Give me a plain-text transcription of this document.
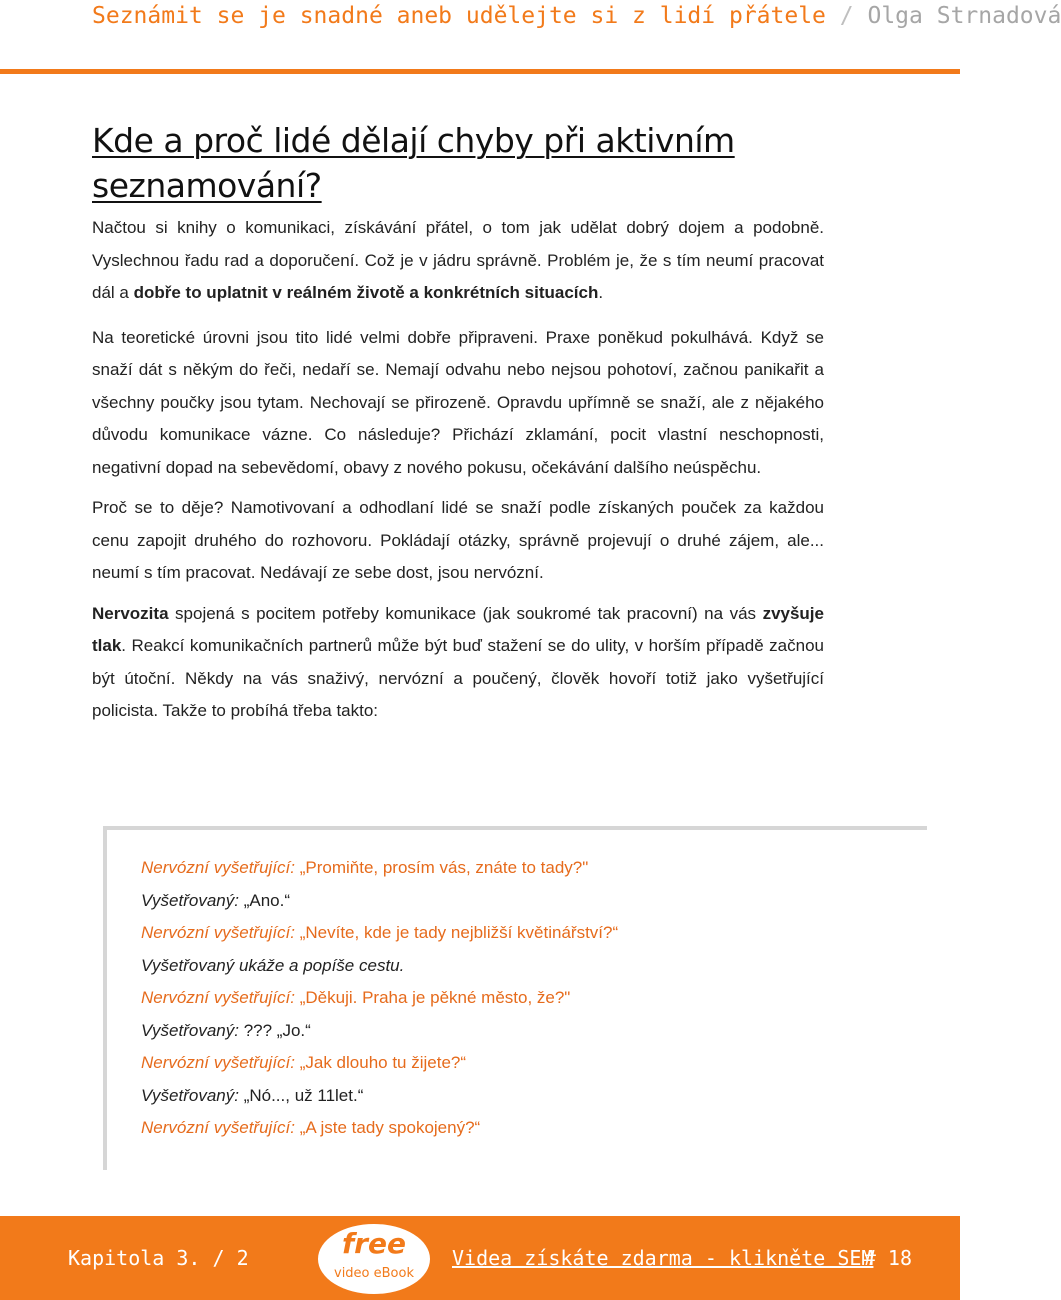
Seznámit se je snadné aneb udělejte si z lidí přátele / Olga Strnadová
Kde a proč lidé dělají chyby při aktivním seznamování?

Načtou si knihy o komunikaci, získávání přátel, o tom jak udělat dobrý dojem a podobně. Vyslechnou řadu rad a doporučení. Což je v jádru správně. Problém je, že s tím neumí pracovat dál a dobře to uplatnit v reálném životě a konkrétních situacích.

Na teoretické úrovni jsou tito lidé velmi dobře připraveni. Praxe poněkud pokulhává. Když se snaží dát s někým do řeči, nedaří se. Nemají odvahu nebo nejsou pohotoví, začnou panikařit a všechny poučky jsou tytam. Nechovají se přirozeně. Opravdu upřímně se snaží, ale z nějakého důvodu komunikace vázne. Co následuje? Přichází zklamání, pocit vlastní neschopnosti, negativní dopad na sebevědomí, obavy z nového pokusu, očekávání dalšího neúspěchu.

Proč se to děje? Namotivovaní a odhodlaní lidé se snaží podle získaných pouček za každou cenu zapojit druhého do rozhovoru. Pokládají otázky, správně projevují o druhé zájem, ale... neumí s tím pracovat. Nedávají ze sebe dost, jsou nervózní.

Nervozita spojená s pocitem potřeby komunikace (jak soukromé tak pracovní) na vás zvyšuje tlak. Reakcí komunikačních partnerů může být buď stažení se do ulity, v horším případě začnou být útoční. Někdy na vás snaživý, nervózní a poučený, člověk hovoří totiž jako vyšetřující policista. Takže to probíhá třeba takto:

Nervózní vyšetřující: „Promiňte, prosím vás, znáte to tady?"
Vyšetřovaný: „Ano.“
Nervózní vyšetřující: „Nevíte, kde je tady nejbližší květinářství?“
Vyšetřovaný ukáže a popíše cestu.
Nervózní vyšetřující: „Děkuji. Praha je pěkné město, že?"
Vyšetřovaný: ??? „Jo.“
Nervózní vyšetřující: „Jak dlouho tu žijete?“
Vyšetřovaný: „Nó..., už 11let.“
Nervózní vyšetřující: „A jste tady spokojený?“
Kapitola 3. / 2	free
video eBook
Videa získáte zdarma - klikněte SEM
# 18
